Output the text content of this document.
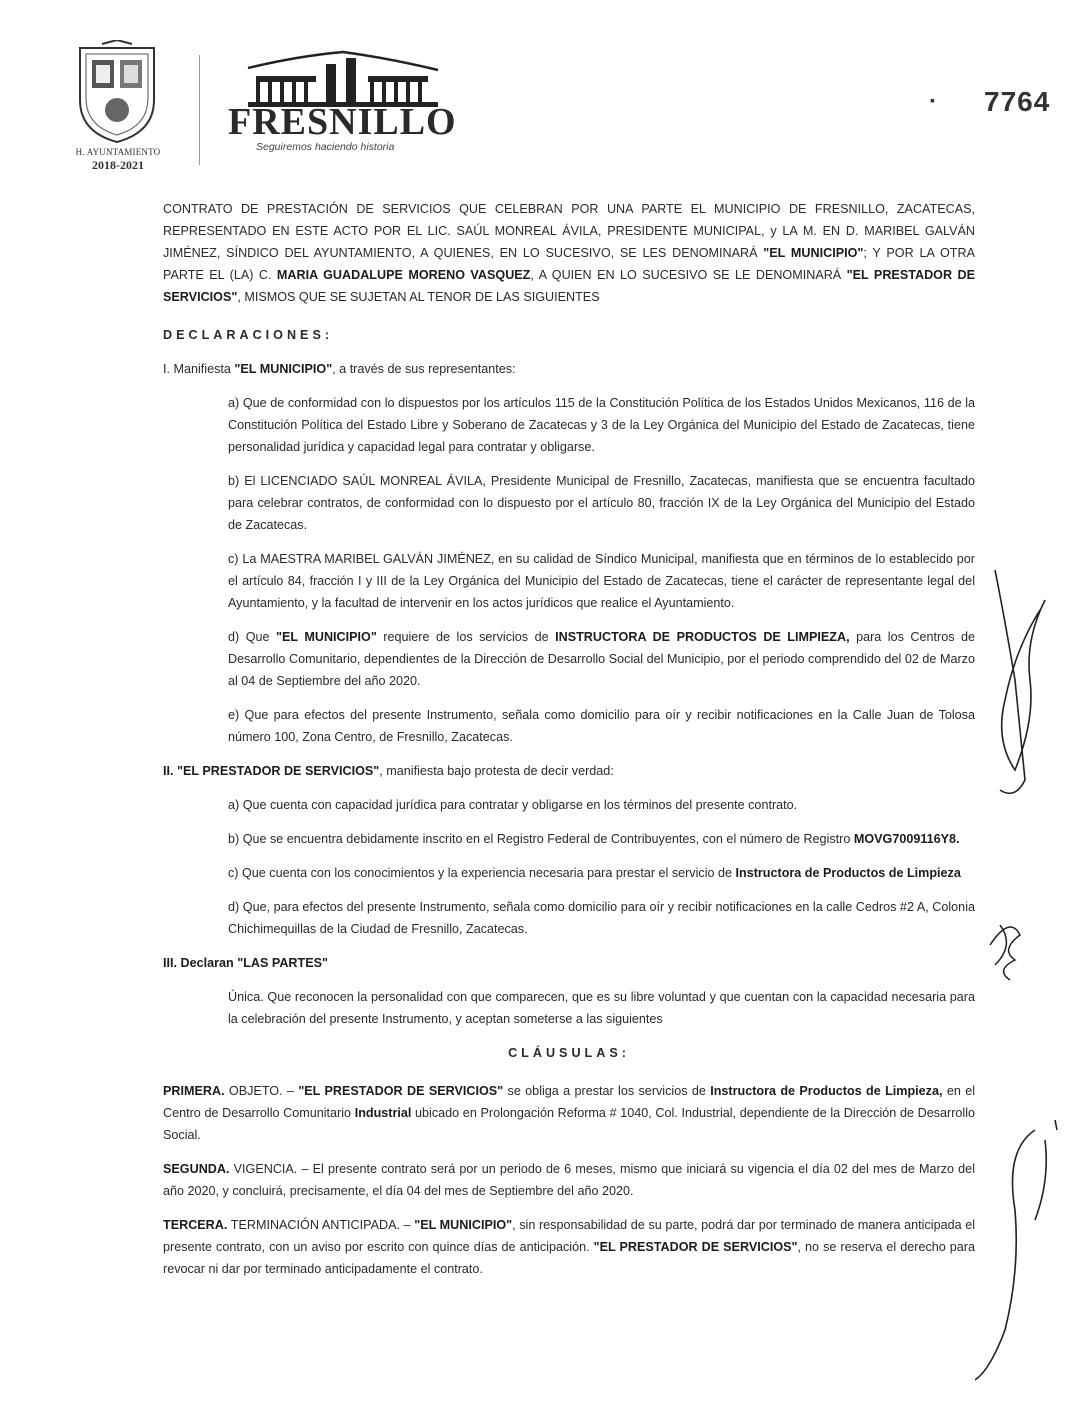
H. AYUNTAMIENTO
2018-2021
FRESNILLO
Seguiremos haciendo historia
▪ 7764

CONTRATO DE PRESTACIÓN DE SERVICIOS QUE CELEBRAN POR UNA PARTE EL MUNICIPIO DE FRESNILLO, ZACATECAS, REPRESENTADO EN ESTE ACTO POR EL LIC. SAÚL MONREAL ÁVILA, PRESIDENTE MUNICIPAL, y LA M. EN D. MARIBEL GALVÁN JIMÉNEZ, SÍNDICO DEL AYUNTAMIENTO, A QUIENES, EN LO SUCESIVO, SE LES DENOMINARÁ "EL MUNICIPIO"; Y POR LA OTRA PARTE EL (LA) C. MARIA GUADALUPE MORENO VASQUEZ, A QUIEN EN LO SUCESIVO SE LE DENOMINARÁ "EL PRESTADOR DE SERVICIOS", MISMOS QUE SE SUJETAN AL TENOR DE LAS SIGUIENTES

DECLARACIONES:

I. Manifiesta "EL MUNICIPIO", a través de sus representantes:

a) Que de conformidad con lo dispuestos por los artículos 115 de la Constitución Política de los Estados Unidos Mexicanos, 116 de la Constitución Política del Estado Libre y Soberano de Zacatecas y 3 de la Ley Orgánica del Municipio del Estado de Zacatecas, tiene personalidad jurídica y capacidad legal para contratar y obligarse.

b) El LICENCIADO SAÚL MONREAL ÁVILA, Presidente Municipal de Fresnillo, Zacatecas, manifiesta que se encuentra facultado para celebrar contratos, de conformidad con lo dispuesto por el artículo 80, fracción IX de la Ley Orgánica del Municipio del Estado de Zacatecas.

c) La MAESTRA MARIBEL GALVÁN JIMÉNEZ, en su calidad de Síndico Municipal, manifiesta que en términos de lo establecido por el artículo 84, fracción I y III de la Ley Orgánica del Municipio del Estado de Zacatecas, tiene el carácter de representante legal del Ayuntamiento, y la facultad de intervenir en los actos jurídicos que realice el Ayuntamiento.

d) Que "EL MUNICIPIO" requiere de los servicios de INSTRUCTORA DE PRODUCTOS DE LIMPIEZA, para los Centros de Desarrollo Comunitario, dependientes de la Dirección de Desarrollo Social del Municipio, por el periodo comprendido del 02 de Marzo al 04 de Septiembre del año 2020.

e) Que para efectos del presente Instrumento, señala como domicilio para oír y recibir notificaciones en la Calle Juan de Tolosa número 100, Zona Centro, de Fresnillo, Zacatecas.

II. "EL PRESTADOR DE SERVICIOS", manifiesta bajo protesta de decir verdad:

a) Que cuenta con capacidad jurídica para contratar y obligarse en los términos del presente contrato.

b) Que se encuentra debidamente inscrito en el Registro Federal de Contribuyentes, con el número de Registro MOVG7009116Y8.

c) Que cuenta con los conocimientos y la experiencia necesaria para prestar el servicio de Instructora de Productos de Limpieza

d) Que, para efectos del presente Instrumento, señala como domicilio para oír y recibir notificaciones en la calle Cedros #2 A, Colonia Chichimequillas de la Ciudad de Fresnillo, Zacatecas.

III. Declaran "LAS PARTES"

Única. Que reconocen la personalidad con que comparecen, que es su libre voluntad y que cuentan con la capacidad necesaria para la celebración del presente Instrumento, y aceptan someterse a las siguientes

CLÁUSULAS:

PRIMERA. OBJETO. – "EL PRESTADOR DE SERVICIOS" se obliga a prestar los servicios de Instructora de Productos de Limpieza, en el Centro de Desarrollo Comunitario Industrial ubicado en Prolongación Reforma # 1040, Col. Industrial, dependiente de la Dirección de Desarrollo Social.

SEGUNDA. VIGENCIA. – El presente contrato será por un periodo de 6 meses, mismo que iniciará su vigencia el día 02 del mes de Marzo del año 2020, y concluirá, precisamente, el día 04 del mes de Septiembre del año 2020.

TERCERA. TERMINACIÓN ANTICIPADA. – "EL MUNICIPIO", sin responsabilidad de su parte, podrá dar por terminado de manera anticipada el presente contrato, con un aviso por escrito con quince días de anticipación. "EL PRESTADOR DE SERVICIOS", no se reserva el derecho para revocar ni dar por terminado anticipadamente el contrato.
